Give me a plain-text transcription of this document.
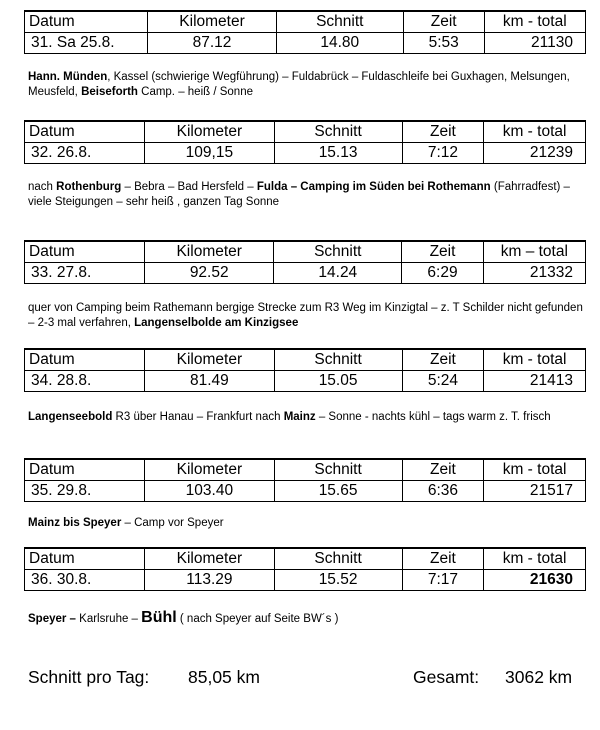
Datum	Kilometer	Schnitt	Zeit	km - total
31. Sa 25.8.	87.12	14.80	5:53	21130
Hann. Münden, Kassel (schwierige Wegführung) – Fuldabrück – Fuldaschleife bei Guxhagen, Melsungen, Meusfeld, Beiseforth Camp. – heiß / Sonne
Datum	Kilometer	Schnitt	Zeit	km - total
32. 26.8.	109,15	15.13	7:12	21239
nach Rothenburg – Bebra – Bad Hersfeld – Fulda – Camping im Süden bei Rothemann (Fahrradfest) – viele Steigungen – sehr heiß , ganzen Tag Sonne
Datum	Kilometer	Schnitt	Zeit	km – total
33. 27.8.	92.52	14.24	6:29	21332
quer von Camping beim Rathemann bergige Strecke zum R3 Weg im Kinzigtal – z. T Schilder nicht gefunden – 2-3 mal verfahren, Langenselbolde am Kinzigsee
Datum	Kilometer	Schnitt	Zeit	km - total
34. 28.8.	81.49	15.05	5:24	21413
Langenseebold R3 über Hanau – Frankfurt nach Mainz – Sonne - nachts kühl – tags warm z. T. frisch
Datum	Kilometer	Schnitt	Zeit	km - total
35. 29.8.	103.40	15.65	6:36	21517
Mainz bis Speyer – Camp vor Speyer
Datum	Kilometer	Schnitt	Zeit	km - total
36. 30.8.	113.29	15.52	7:17	21630
Speyer – Karlsruhe – Bühl ( nach Speyer auf Seite BW´s )
Schnitt pro Tag: 85,05 km	Gesamt: 3062 km
